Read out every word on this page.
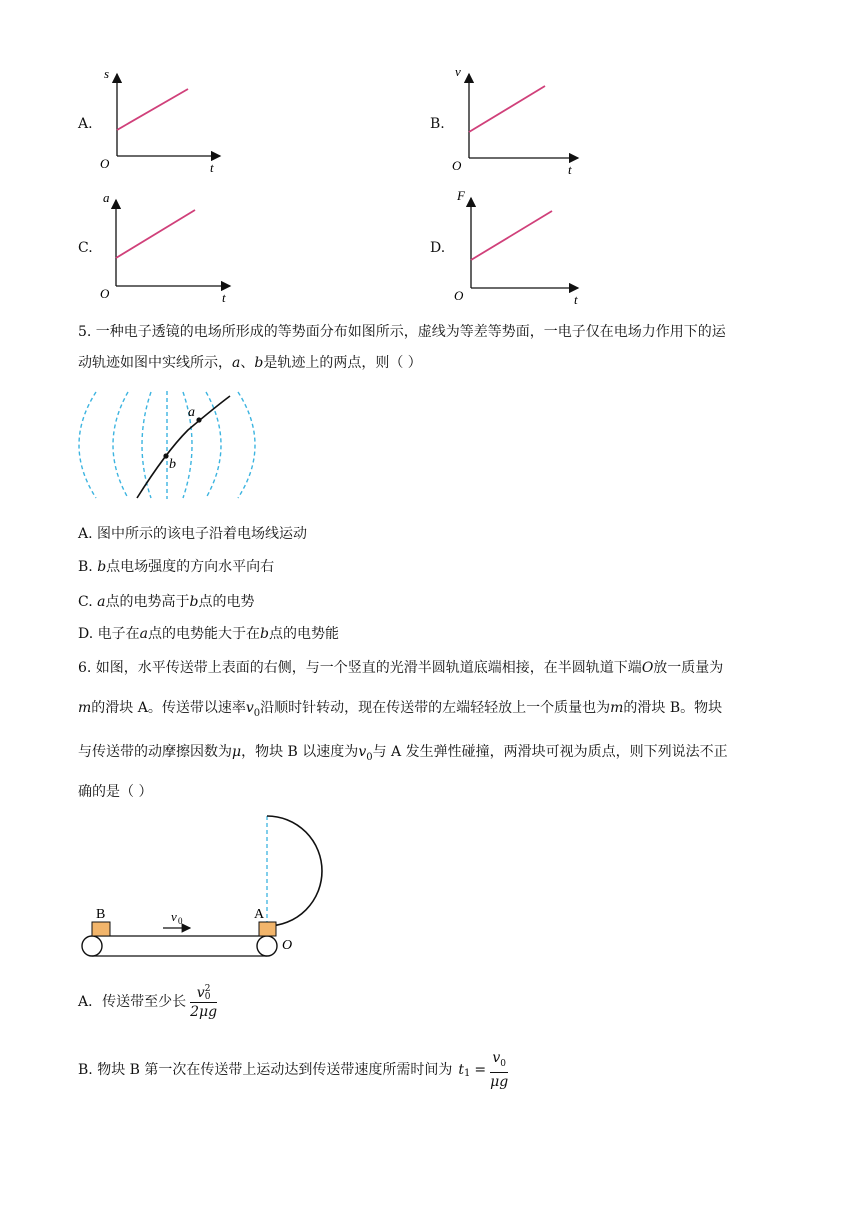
A.
s
t
O
B.
v
t
O
C.
a
t
O
D.
F
t
O
5. 一种电子透镜的电场所形成的等势面分布如图所示，虚线为等差等势面，一电子仅在电场力作用下的运
动轨迹如图中实线所示，a、b是轨迹上的两点，则（ ）
a
b
A. 图中所示的该电子沿着电场线运动
B. b点电场强度的方向水平向右
C. a点的电势高于b点的电势
D. 电子在a点的电势能大于在b点的电势能
6. 如图，水平传送带上表面的右侧，与一个竖直的光滑半圆轨道底端相接，在半圆轨道下端O放一质量为
m的滑块 A。传送带以速率$v_0$沿顺时针转动，现在传送带的左端轻轻放上一个质量也为m的滑块 B。物块
与传送带的动摩擦因数为μ，物块 B 以速度为$v_0$与 A 发生弹性碰撞，两滑块可视为质点，则下列说法不正
确的是（ ）
B	A
v 0
O
A．传送带至少长 v 2
0
2μg
B. 物块 B 第一次在传送带上运动达到传送带速度所需时间为 $t_1 = \frac{v_0}{\mu g}$
